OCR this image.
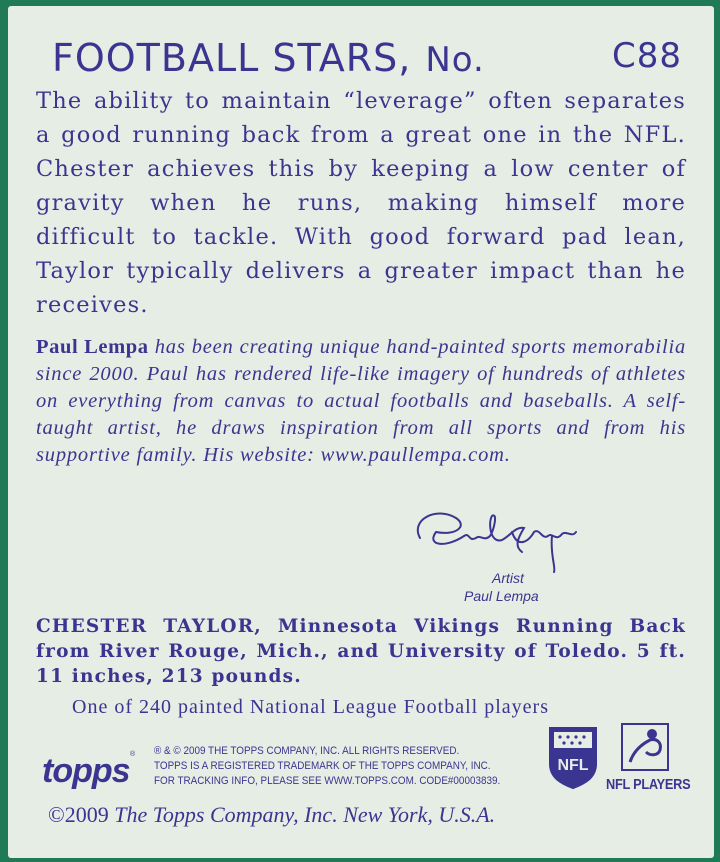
FOOTBALL STARS, No.	C88
The ability to maintain “leverage” often separates a good running back from a great one in the NFL. Chester achieves this by keeping a low center of gravity when he runs, making himself more difficult to tackle. With good forward pad lean, Taylor typically delivers a greater impact than he receives.
Paul Lempa has been creating unique hand-painted sports memorabilia since 2000. Paul has rendered life-like imagery of hundreds of athletes on everything from canvas to actual footballs and baseballs. A self-taught artist, he draws inspiration from all sports and from his supportive family. His website: www.paullempa.com.
Artist
Paul Lempa
CHESTER TAYLOR, Minnesota Vikings Running Back from River Rouge, Mich., and University of Toledo. 5 ft. 11 inches, 213 pounds.
One of 240 painted National League Football players
topps ® ® & © 2009 THE TOPPS COMPANY, INC. ALL RIGHTS RESERVED.
TOPPS IS A REGISTERED TRADEMARK OF THE TOPPS COMPANY, INC.
FOR TRACKING INFO, PLEASE SEE WWW.TOPPS.COM. CODE#00003839.
NFL
NFL PLAYERS
©2009 The Topps Company, Inc. New York, U.S.A.
